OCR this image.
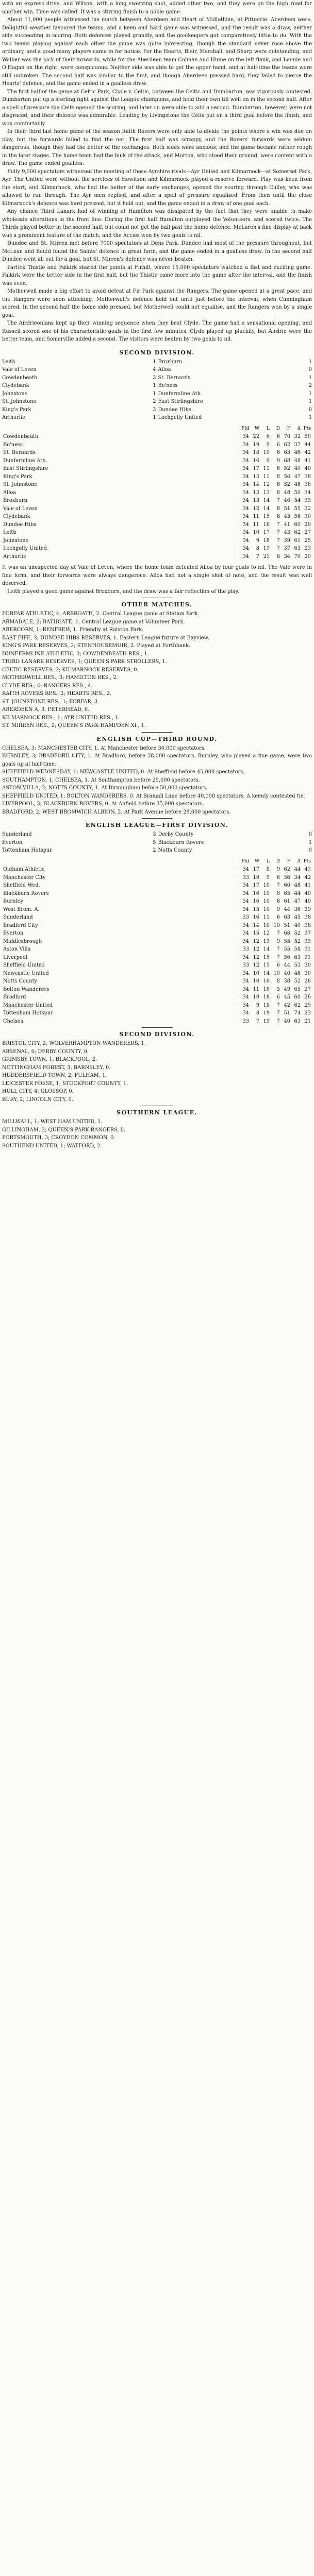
with an express drive, and Wilson, with a long swerving shot, added other two, and they were on the high road for another win. Time was called. It was a stirring finish to a noble game.

About 11,000 people witnessed the match between Aberdeen and Heart of Midlothian, at Pittodrie. Aberdeen were. Delightful weather favoured the teams, and a keen and hard game was witnessed, and the result was a draw, neither side succeeding in scoring. Both defences played grandly, and the goalkeepers got comparatively little to do. With the two teams playing against each other the game was quite interesting, though the standard never rose above the ordinary, and a good many players came in for notice. For the Hearts, Blair, Marshall, and Sharp were outstanding, and Walker was the pick of their forwards, while for the Aberdeen team Colman and Hume on the left flank, and Lennie and O'Hagan on the right, were conspicuous. Neither side was able to get the upper hand, and at half-time the teams were still unbroken. The second half was similar to the first, and though Aberdeen pressed hard, they failed to pierce the Hearts' defence, and the game ended in a goalless draw.

The first half of the game at Celtic Park, Clyde v. Celtic, between the Celtic and Dumbarton, was vigorously contested. Dumbarton put up a sterling fight against the League champions, and held their own till well on in the second half. After a spell of pressure the Celts opened the scoring, and later on were able to add a second. Dumbarton, however, were not disgraced, and their defence was admirable. Leading by Livingstone the Celts put on a third goal before the finish, and won comfortably.

In their third last home game of the season Raith Rovers were only able to divide the points where a win was due on play, but the forwards failed to find the net. The first half was scrappy, and the Rovers' forwards were seldom dangerous, though they had the better of the exchanges. Both sides were anxious, and the game became rather rough in the later stages. The home team had the bulk of the attack, and Morton, who stood their ground, were content with a draw. The game ended goalless.

Fully 9,000 spectators witnessed the meeting of these Ayrshire rivals—Ayr United and Kilmarnock—at Somerset Park, Ayr. The United were without the services of Hewitson and Kilmarnock played a reserve forward. Play was keen from the start, and Kilmarnock, who had the better of the early exchanges, opened the scoring through Culley, who was allowed to run through. The Ayr men replied, and after a spell of pressure equalised. From then until the close Kilmarnock's defence was hard pressed, but it held out, and the game ended in a draw of one goal each.

Any chance Third Lanark had of winning at Hamilton was dissipated by the fact that they were unable to make wholesale alterations in the front line. During the first half Hamilton outplayed the Volunteers, and scored twice. The Thirds played better in the second half, but could not get the ball past the home defence. McLaren's fine display at back was a prominent feature of the match, and the Accies won by two goals to nil.

Dundee and St. Mirren met before 7000 spectators at Dens Park. Dundee had most of the pressure throughout, but McLean and Bauld found the Saints' defence in great form, and the game ended in a goalless draw. In the second half Dundee went all out for a goal, but St. Mirren's defence was never beaten.

Partick Thistle and Falkirk shared the points at Firhill, where 15,000 spectators watched a fast and exciting game. Falkirk were the better side in the first half, but the Thistle came more into the game after the interval, and the finish was even.

Motherwell made a big effort to avoid defeat at Fir Park against the Rangers. The game opened at a great pace, and the Rangers were soon attacking. Motherwell's defence held out until just before the interval, when Cunningham scored. In the second half the home side pressed, but Motherwell could not equalise, and the Rangers won by a single goal.

The Airdrieonians kept up their winning sequence when they beat Clyde. The game had a sensational opening, and Russell scored one of his characteristic goals in the first few minutes. Clyde played up pluckily, but Airdrie were the better team, and Somerville added a second. The visitors were beaten by two goals to nil.

SECOND DIVISION.
Leith	1 Broxburn	1
Vale of Leven	4 Alloa	0
Cowdenbeath	3 St. Bernards	1
Clydebank	1 Bo'ness	2
Johnstone	1 Dunfermline Ath.	1
St. Johnstone	2 East Stirlingshire	1
King's Park	3 Dundee Hibs	0
Arthurlie	1 Lochgelly United	1
	Pld	W	L	D	F	A	Pts
Cowdenbeath	34	22	6	6	70	32	50
Bo'ness	34	19	9	6	62	37	44
St. Bernards	34	18	10	6	63	46	42
Dunfermline Ath.	34	16	9	9	68	48	41
East Stirlingshire	34	17	11	6	52	40	40
King's Park	34	15	11	8	56	47	38
St. Johnstone	34	14	12	8	52	48	36
Alloa	34	13	13	8	48	50	34
Broxburn	34	13	14	7	46	54	33
Vale of Leven	34	12	14	8	51	55	32
Clydebank	34	11	15	8	45	56	30
Dundee Hibs	34	11	16	7	41	60	29
Leith	34	10	17	7	43	62	27
Johnstone	34	9	18	7	39	61	25
Lochgelly United	34	8	19	7	37	63	23
Arthurlie	34	7	21	6	34	70	20

It was an unexpected day at Vale of Leven, where the home team defeated Alloa by four goals to nil. The Vale were in fine form, and their forwards were always dangerous. Alloa had not a single shot of note, and the result was well deserved.

Leith played a good game against Broxburn, and the draw was a fair reflection of the play.

OTHER MATCHES.

FORFAR ATHLETIC, 4; ARBROATH, 2. Central League game at Station Park.

ARMADALE, 2; BATHGATE, 1. Central League game at Volunteer Park.

ABERCORN, 1; RENFREW, 1. Friendly at Ralston Park.

EAST FIFE, 3; DUNDEE HIBS RESERVES, 1. Eastern League fixture at Bayview.

KING'S PARK RESERVES, 2; STENHOUSEMUIR, 2. Played at Forthbank.

DUNFERMLINE ATHLETIC, 3; COWDENBEATH RES., 1.

THIRD LANARK RESERVES, 1; QUEEN'S PARK STROLLERS, 1.

CELTIC RESERVES, 2; KILMARNOCK RESERVES, 0.

MOTHERWELL RES., 3; HAMILTON RES., 2.

CLYDE RES., 0; RANGERS RES., 4.

RAITH ROVERS RES., 2; HEARTS RES., 2.

ST. JOHNSTONE RES., 1; FORFAR, 3.

ABERDEEN A, 3; PETERHEAD, 0.

KILMARNOCK RES., 1; AYR UNITED RES., 1.

ST. MIRREN RES., 2; QUEEN'S PARK HAMPDEN XI., 1.

ENGLISH CUP—THIRD ROUND.

CHELSEA, 3; MANCHESTER CITY, 1. At Manchester before 30,000 spectators.

BURNLEY, 3; BRADFORD CITY, 1. At Bradford, before 38,000 spectators. Burnley, who played a fine game, were two goals up at half-time.

SHEFFIELD WEDNESDAY, 1; NEWCASTLE UNITED, 0. At Sheffield before 45,000 spectators.

SOUTHAMPTON, 1; CHELSEA, 1. At Southampton before 25,000 spectators.

ASTON VILLA, 2; NOTTS COUNTY, 1. At Birmingham before 50,000 spectators.

SHEFFIELD UNITED, 1; BOLTON WANDERERS, 0. At Bramall Lane before 40,000 spectators. A keenly contested tie.

LIVERPOOL, 3; BLACKBURN ROVERS, 0. At Anfield before 35,000 spectators.

BRADFORD, 2; WEST BROMWICH ALBION, 2. At Park Avenue before 28,000 spectators.

ENGLISH LEAGUE—FIRST DIVISION.
Sunderland	3 Derby County	0
Everton	5 Blackburn Rovers	1
Tottenham Hotspur	2 Notts County	0
	Pld	W	L	D	F	A	Pts
Oldham Athletic	34	17	8	9	62	44	43
Manchester City	33	18	9	6	56	34	42
Sheffield Wed.	34	17	10	7	60	48	41
Blackburn Rovers	34	16	10	8	65	44	40
Burnley	34	16	10	8	61	47	40
West Brom. A.	34	15	10	9	44	36	39
Sunderland	33	16	11	6	63	45	38
Bradford City	34	14	10	10	51	40	38
Everton	34	15	12	7	68	52	37
Middlesbrough	34	12	13	9	55	52	33
Aston Villa	33	12	14	7	55	58	31
Liverpool	34	12	15	7	56	63	31
Sheffield United	33	12	15	6	44	53	30
Newcastle United	34	10	14	10	40	48	30
Notts County	34	10	16	8	38	52	28
Bolton Wanderers	34	11	18	5	49	65	27
Bradford	34	10	18	6	45	60	26
Manchester United	34	9	18	7	42	62	25
Tottenham Hotspur	34	8	19	7	51	74	23
Chelsea	33	7	19	7	40	63	21
SECOND DIVISION.

BRISTOL CITY, 2; WOLVERHAMPTON WANDERERS, 1.

ARSENAL, 0; DERBY COUNTY, 0.

GRIMSBY TOWN, 1; BLACKPOOL, 2.

NOTTINGHAM FOREST, 3; BARNSLEY, 0.

HUDDERSFIELD TOWN, 2; FULHAM, 1.

LEICESTER FOSSE, 1; STOCKPORT COUNTY, 1.

HULL CITY, 4; GLOSSOP, 0.

BURY, 2; LINCOLN CITY, 0.

SOUTHERN LEAGUE.

MILLWALL, 1; WEST HAM UNITED, 1.

GILLINGHAM, 2; QUEEN'S PARK RANGERS, 0.

PORTSMOUTH, 3; CROYDON COMMON, 0.

SOUTHEND UNITED, 1; WATFORD, 2.
